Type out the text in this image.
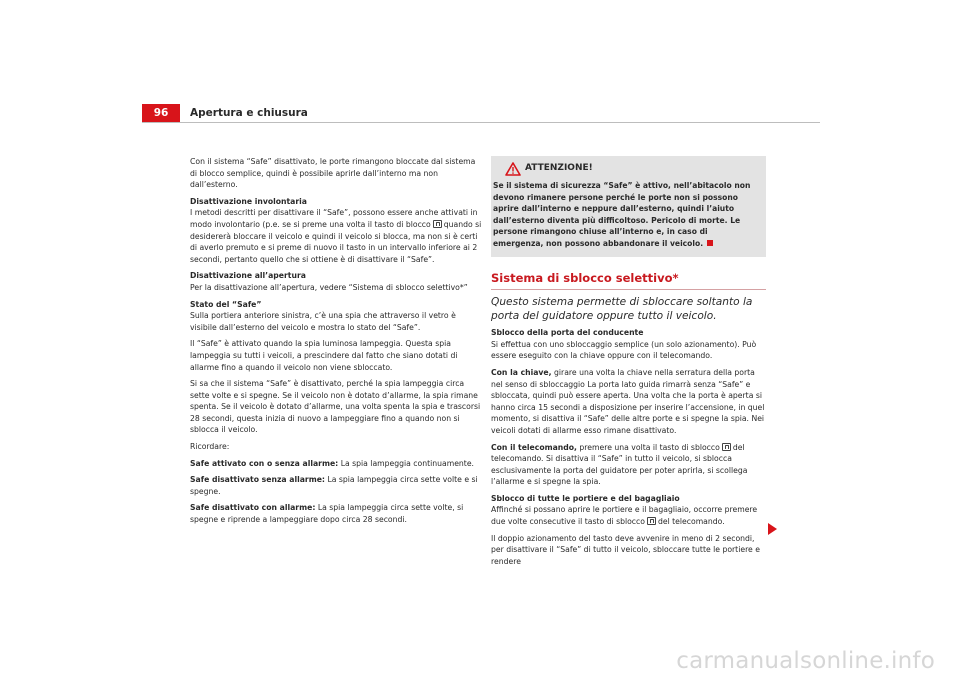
96	Apertura e chiusura

Con il sistema “Safe” disattivato, le porte rimangono bloccate dal sistema di blocco semplice, quindi è possibile aprirle dall’interno ma non dall’esterno.

Disattivazione involontaria

I metodi descritti per disattivare il “Safe”, possono essere anche attivati in modo involontario (p.e. se si preme una volta il tasto di blocco quando si desidererà bloccare il veicolo e quindi il veicolo si blocca, ma non si è certi di averlo premuto e si preme di nuovo il tasto in un intervallo inferiore ai 2 secondi, pertanto quello che si ottiene è di disattivare il “Safe”.

Disattivazione all’apertura

Per la disattivazione all’apertura, vedere “Sistema di sblocco selettivo*”

Stato del “Safe”

Sulla portiera anteriore sinistra, c’è una spia che attraverso il vetro è visibile dall’esterno del veicolo e mostra lo stato del “Safe”.

Il “Safe” è attivato quando la spia luminosa lampeggia. Questa spia lampeggia su tutti i veicoli, a prescindere dal fatto che siano dotati di allarme fino a quando il veicolo non viene sbloccato.

Si sa che il sistema “Safe” è disattivato, perché la spia lampeggia circa sette volte e si spegne. Se il veicolo non è dotato d’allarme, la spia rimane spenta. Se il veicolo è dotato d’allarme, una volta spenta la spia e trascorsi 28 secondi, questa inizia di nuovo a lampeggiare fino a quando non si sblocca il veicolo.

Ricordare:

Safe attivato con o senza allarme: La spia lampeggia continuamente.

Safe disattivato senza allarme: La spia lampeggia circa sette volte e si spegne.

Safe disattivato con allarme: La spia lampeggia circa sette volte, si spegne e riprende a lampeggiare dopo circa 28 secondi.

ATTENZIONE!
Se il sistema di sicurezza “Safe” è attivo, nell’abitacolo non devono rimanere persone perché le porte non si possono aprire dall’interno e neppure dall’esterno, quindi l’aiuto dall’esterno diventa più difficoltoso. Pericolo di morte. Le persone rimangono chiuse all’interno e, in caso di emergenza, non possono abbandonare il veicolo.
Sistema di sblocco selettivo*
Questo sistema permette di sbloccare soltanto la porta del guidatore oppure tutto il veicolo.

Sblocco della porta del conducente

Si effettua con uno sbloccaggio semplice (un solo azionamento). Può essere eseguito con la chiave oppure con il telecomando.

Con la chiave, girare una volta la chiave nella serratura della porta nel senso di sbloccaggio La porta lato guida rimarrà senza “Safe” e sbloccata, quindi può essere aperta. Una volta che la porta è aperta si hanno circa 15 secondi a disposizione per inserire l’accensione, in quel momento, si disattiva il “Safe” delle altre porte e si spegne la spia. Nei veicoli dotati di allarme esso rimane disattivato.

Con il telecomando, premere una volta il tasto di sblocco del telecomando. Si disattiva il “Safe” in tutto il veicolo, si sblocca esclusivamente la porta del guidatore per poter aprirla, si scollega l’allarme e si spegne la spia.

Sblocco di tutte le portiere e del bagagliaio

Affinché si possano aprire le portiere e il bagagliaio, occorre premere due volte consecutive il tasto di sblocco del telecomando.

Il doppio azionamento del tasto deve avvenire in meno di 2 secondi, per disattivare il “Safe” di tutto il veicolo, sbloccare tutte le portiere e rendere

carmanualsonline.info
